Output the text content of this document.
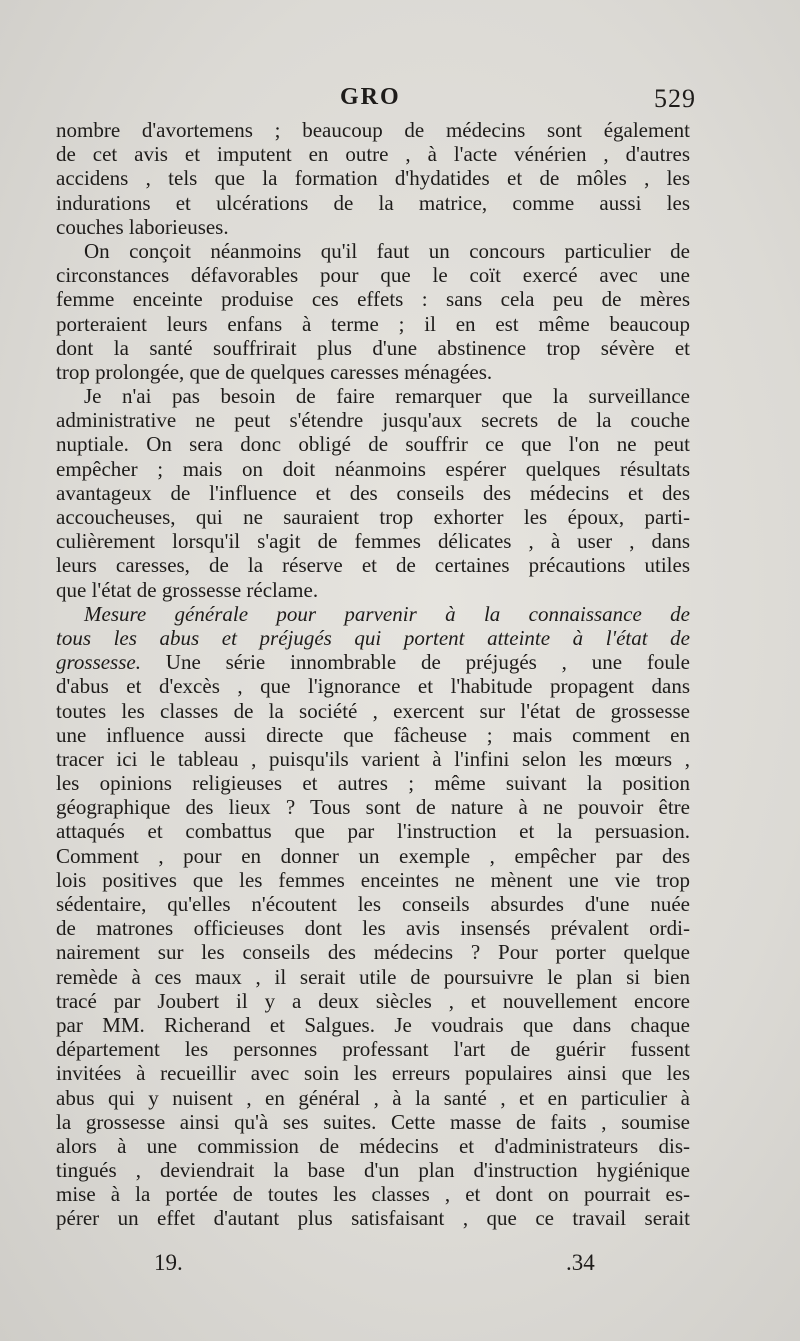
GRO	529
nombre d'avortemens ; beaucoup de médecins sont également
de cet avis et imputent en outre , à l'acte vénérien , d'autres
accidens , tels que la formation d'hydatides et de môles , les
indurations et ulcérations de la matrice, comme aussi les
couches laborieuses.
On conçoit néanmoins qu'il faut un concours particulier de
circonstances défavorables pour que le coït exercé avec une
femme enceinte produise ces effets : sans cela peu de mères
porteraient leurs enfans à terme ; il en est même beaucoup
dont la santé souffrirait plus d'une abstinence trop sévère et
trop prolongée, que de quelques caresses ménagées.
Je n'ai pas besoin de faire remarquer que la surveillance
administrative ne peut s'étendre jusqu'aux secrets de la couche
nuptiale. On sera donc obligé de souffrir ce que l'on ne peut
empêcher ; mais on doit néanmoins espérer quelques résultats
avantageux de l'influence et des conseils des médecins et des
accoucheuses, qui ne sauraient trop exhorter les époux, parti-
culièrement lorsqu'il s'agit de femmes délicates , à user , dans
leurs caresses, de la réserve et de certaines précautions utiles
que l'état de grossesse réclame.
Mesure générale pour parvenir à la connaissance de
tous les abus et préjugés qui portent atteinte à l'état de
grossesse. Une série innombrable de préjugés , une foule
d'abus et d'excès , que l'ignorance et l'habitude propagent dans
toutes les classes de la société , exercent sur l'état de grossesse
une influence aussi directe que fâcheuse ; mais comment en
tracer ici le tableau , puisqu'ils varient à l'infini selon les mœurs ,
les opinions religieuses et autres ; même suivant la position
géographique des lieux ? Tous sont de nature à ne pouvoir être
attaqués et combattus que par l'instruction et la persuasion.
Comment , pour en donner un exemple , empêcher par des
lois positives que les femmes enceintes ne mènent une vie trop
sédentaire, qu'elles n'écoutent les conseils absurdes d'une nuée
de matrones officieuses dont les avis insensés prévalent ordi-
nairement sur les conseils des médecins ? Pour porter quelque
remède à ces maux , il serait utile de poursuivre le plan si bien
tracé par Joubert il y a deux siècles , et nouvellement encore
par MM. Richerand et Salgues. Je voudrais que dans chaque
département les personnes professant l'art de guérir fussent
invitées à recueillir avec soin les erreurs populaires ainsi que les
abus qui y nuisent , en général , à la santé , et en particulier à
la grossesse ainsi qu'à ses suites. Cette masse de faits , soumise
alors à une commission de médecins et d'administrateurs dis-
tingués , deviendrait la base d'un plan d'instruction hygiénique
mise à la portée de toutes les classes , et dont on pourrait es-
pérer un effet d'autant plus satisfaisant , que ce travail serait
19.	.34
